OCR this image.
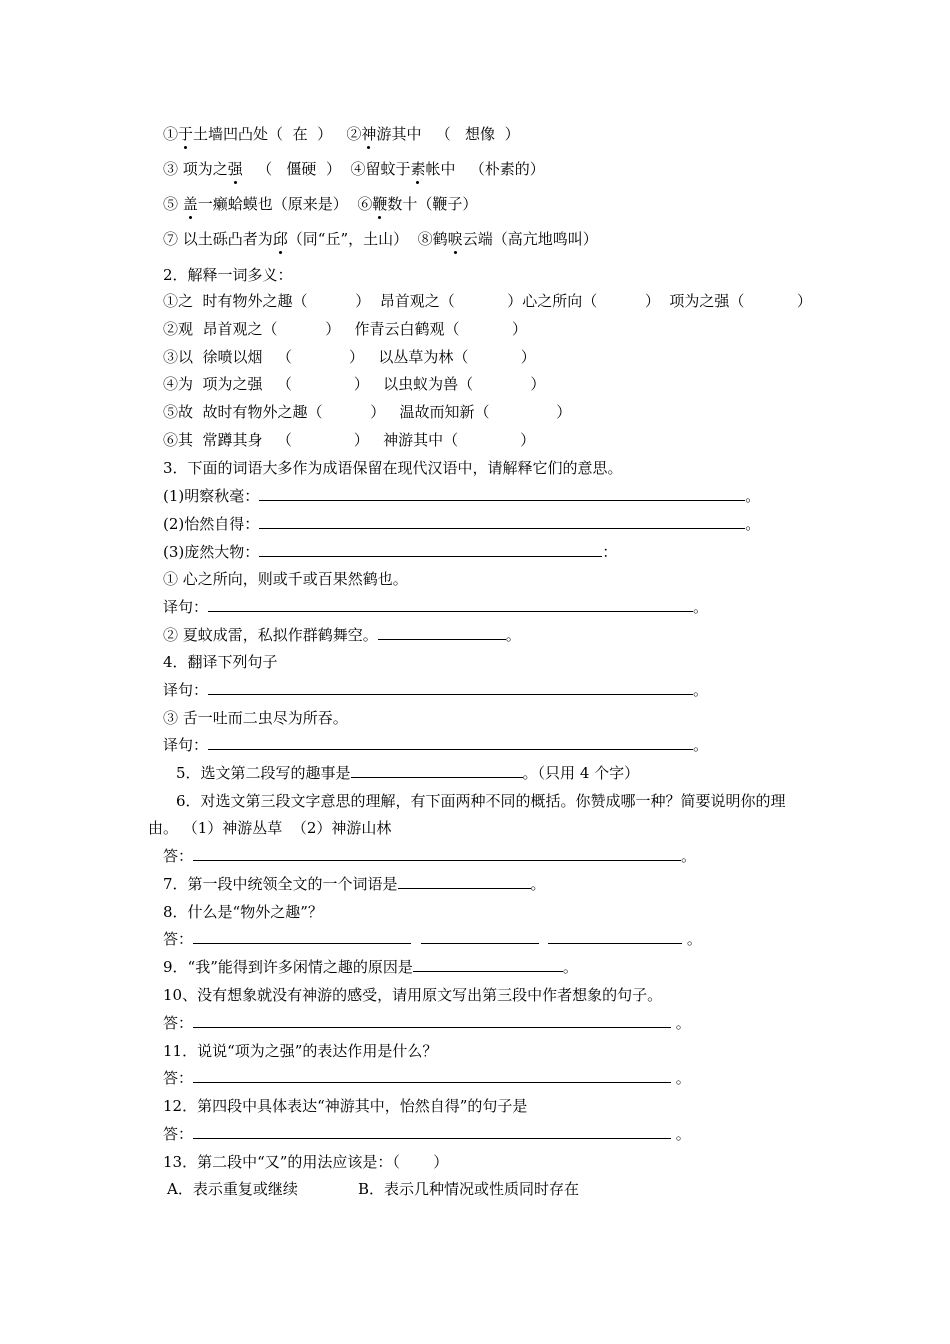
①于土墙凹凸处（  在  ）   ②神游其中   （   想像  ）
③ 项为之强   （   僵硬  ）  ④留蚊于素帐中   （朴素的）
⑤ 盖一癞蛤蟆也（原来是）  ⑥鞭数十（鞭子）
⑦ 以土砾凸者为邱（同“丘”，土山）  ⑧鹤唳云端（高亢地鸣叫）
2．解释一词多义：
①之  时有物外之趣（          ）  昂首观之（           ）心之所向（          ）  项为之强（           ）
②观  昂首观之（          ）   作青云白鹤观（           ）
③以  徐喷以烟   （            ）   以丛草为林（           ）
④为  项为之强   （             ）   以虫蚁为兽（            ）
⑤故  故时有物外之趣（          ）   温故而知新（              ）
⑥其  常蹲其身   （             ）   神游其中（             ）
3．下面的词语大多作为成语保留在现代汉语中，请解释它们的意思。
(1)明察秋毫：	。
(2)怡然自得：	。
(3)庞然大物：	：
① 心之所向，则或千或百果然鹤也。
译句：	。
② 夏蚊成雷，私拟作群鹤舞空。	。
4．翻译下列句子
译句：	。
③ 舌一吐而二虫尽为所吞。
译句：	。
5．选文第二段写的趣事是	。（只用 4 个字）
6．对选文第三段文字意思的理解，有下面两种不同的概括。你赞成哪一种？简要说明你的理
由。 （1）神游丛草  （2）神游山林
答：	。
7．第一段中统领全文的一个词语是	。
8．什么是“物外之趣”？
答：	。
9．“我”能得到许多闲情之趣的原因是	。
10、没有想象就没有神游的感受，请用原文写出第三段中作者想象的句子。
答：	。
11．说说“项为之强”的表达作用是什么？
答：	。
12．第四段中具体表达“神游其中，怡然自得”的句子是
答：	。
13．第二段中“又”的用法应该是：（       ）
A．表示重复或继续	B．表示几种情况或性质同时存在
